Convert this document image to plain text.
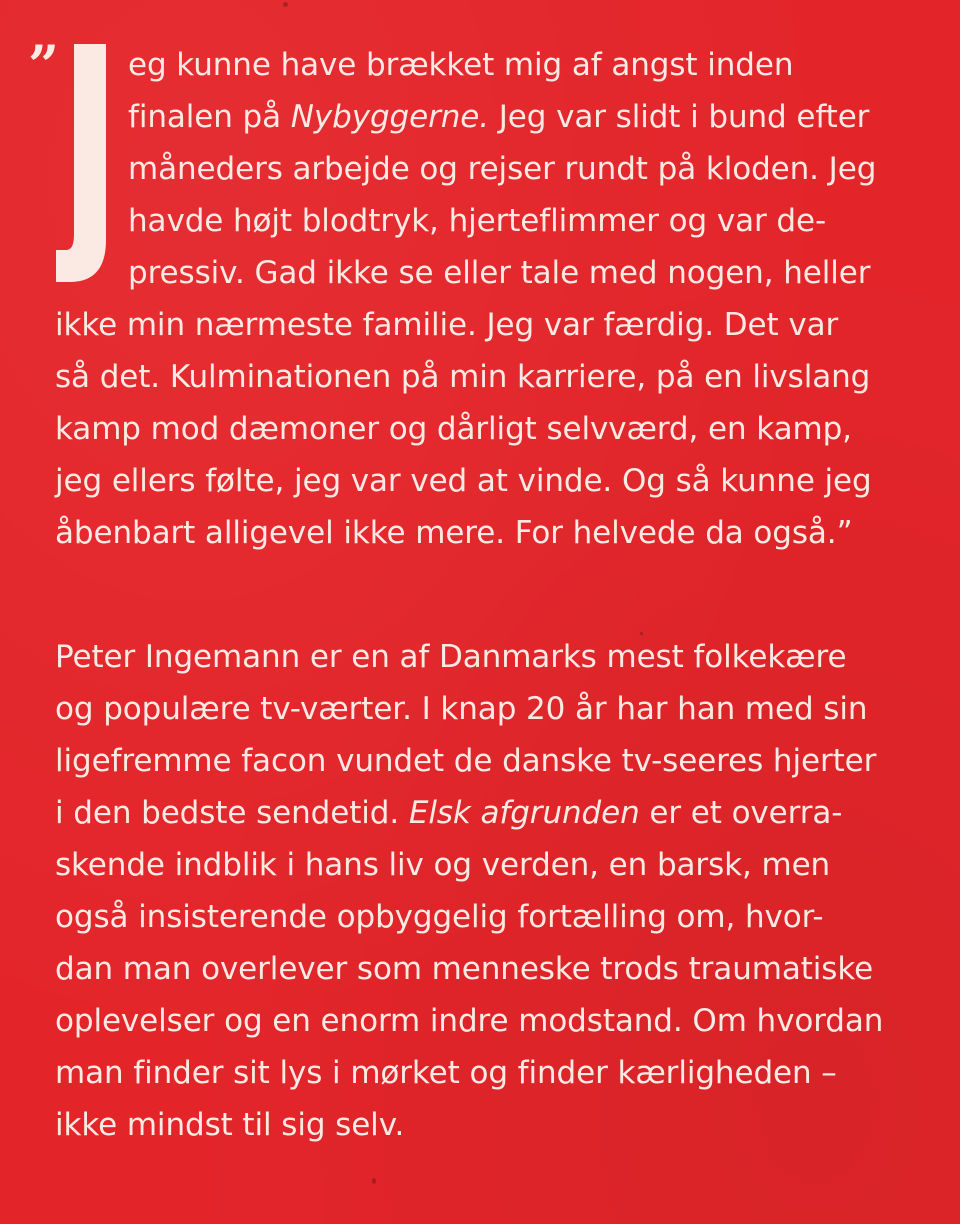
” eg kunne have brækket mig af angst inden
finalen på Nybyggerne. Jeg var slidt i bund efter
måneders arbejde og rejser rundt på kloden. Jeg
havde højt blodtryk, hjerteflimmer og var de-
pressiv. Gad ikke se eller tale med nogen, heller
ikke min nærmeste familie. Jeg var færdig. Det var
så det. Kulminationen på min karriere, på en livslang
kamp mod dæmoner og dårligt selvværd, en kamp,
jeg ellers følte, jeg var ved at vinde. Og så kunne jeg
åbenbart alligevel ikke mere. For helvede da også.”
Peter Ingemann er en af Danmarks mest folkekære
og populære tv-værter. I knap 20 år har han med sin
ligefremme facon vundet de danske tv-seeres hjerter
i den bedste sendetid. Elsk afgrunden er et overra-
skende indblik i hans liv og verden, en barsk, men
også insisterende opbyggelig fortælling om, hvor-
dan man overlever som menneske trods traumatiske
oplevelser og en enorm indre modstand. Om hvordan
man finder sit lys i mørket og finder kærligheden –
ikke mindst til sig selv.
